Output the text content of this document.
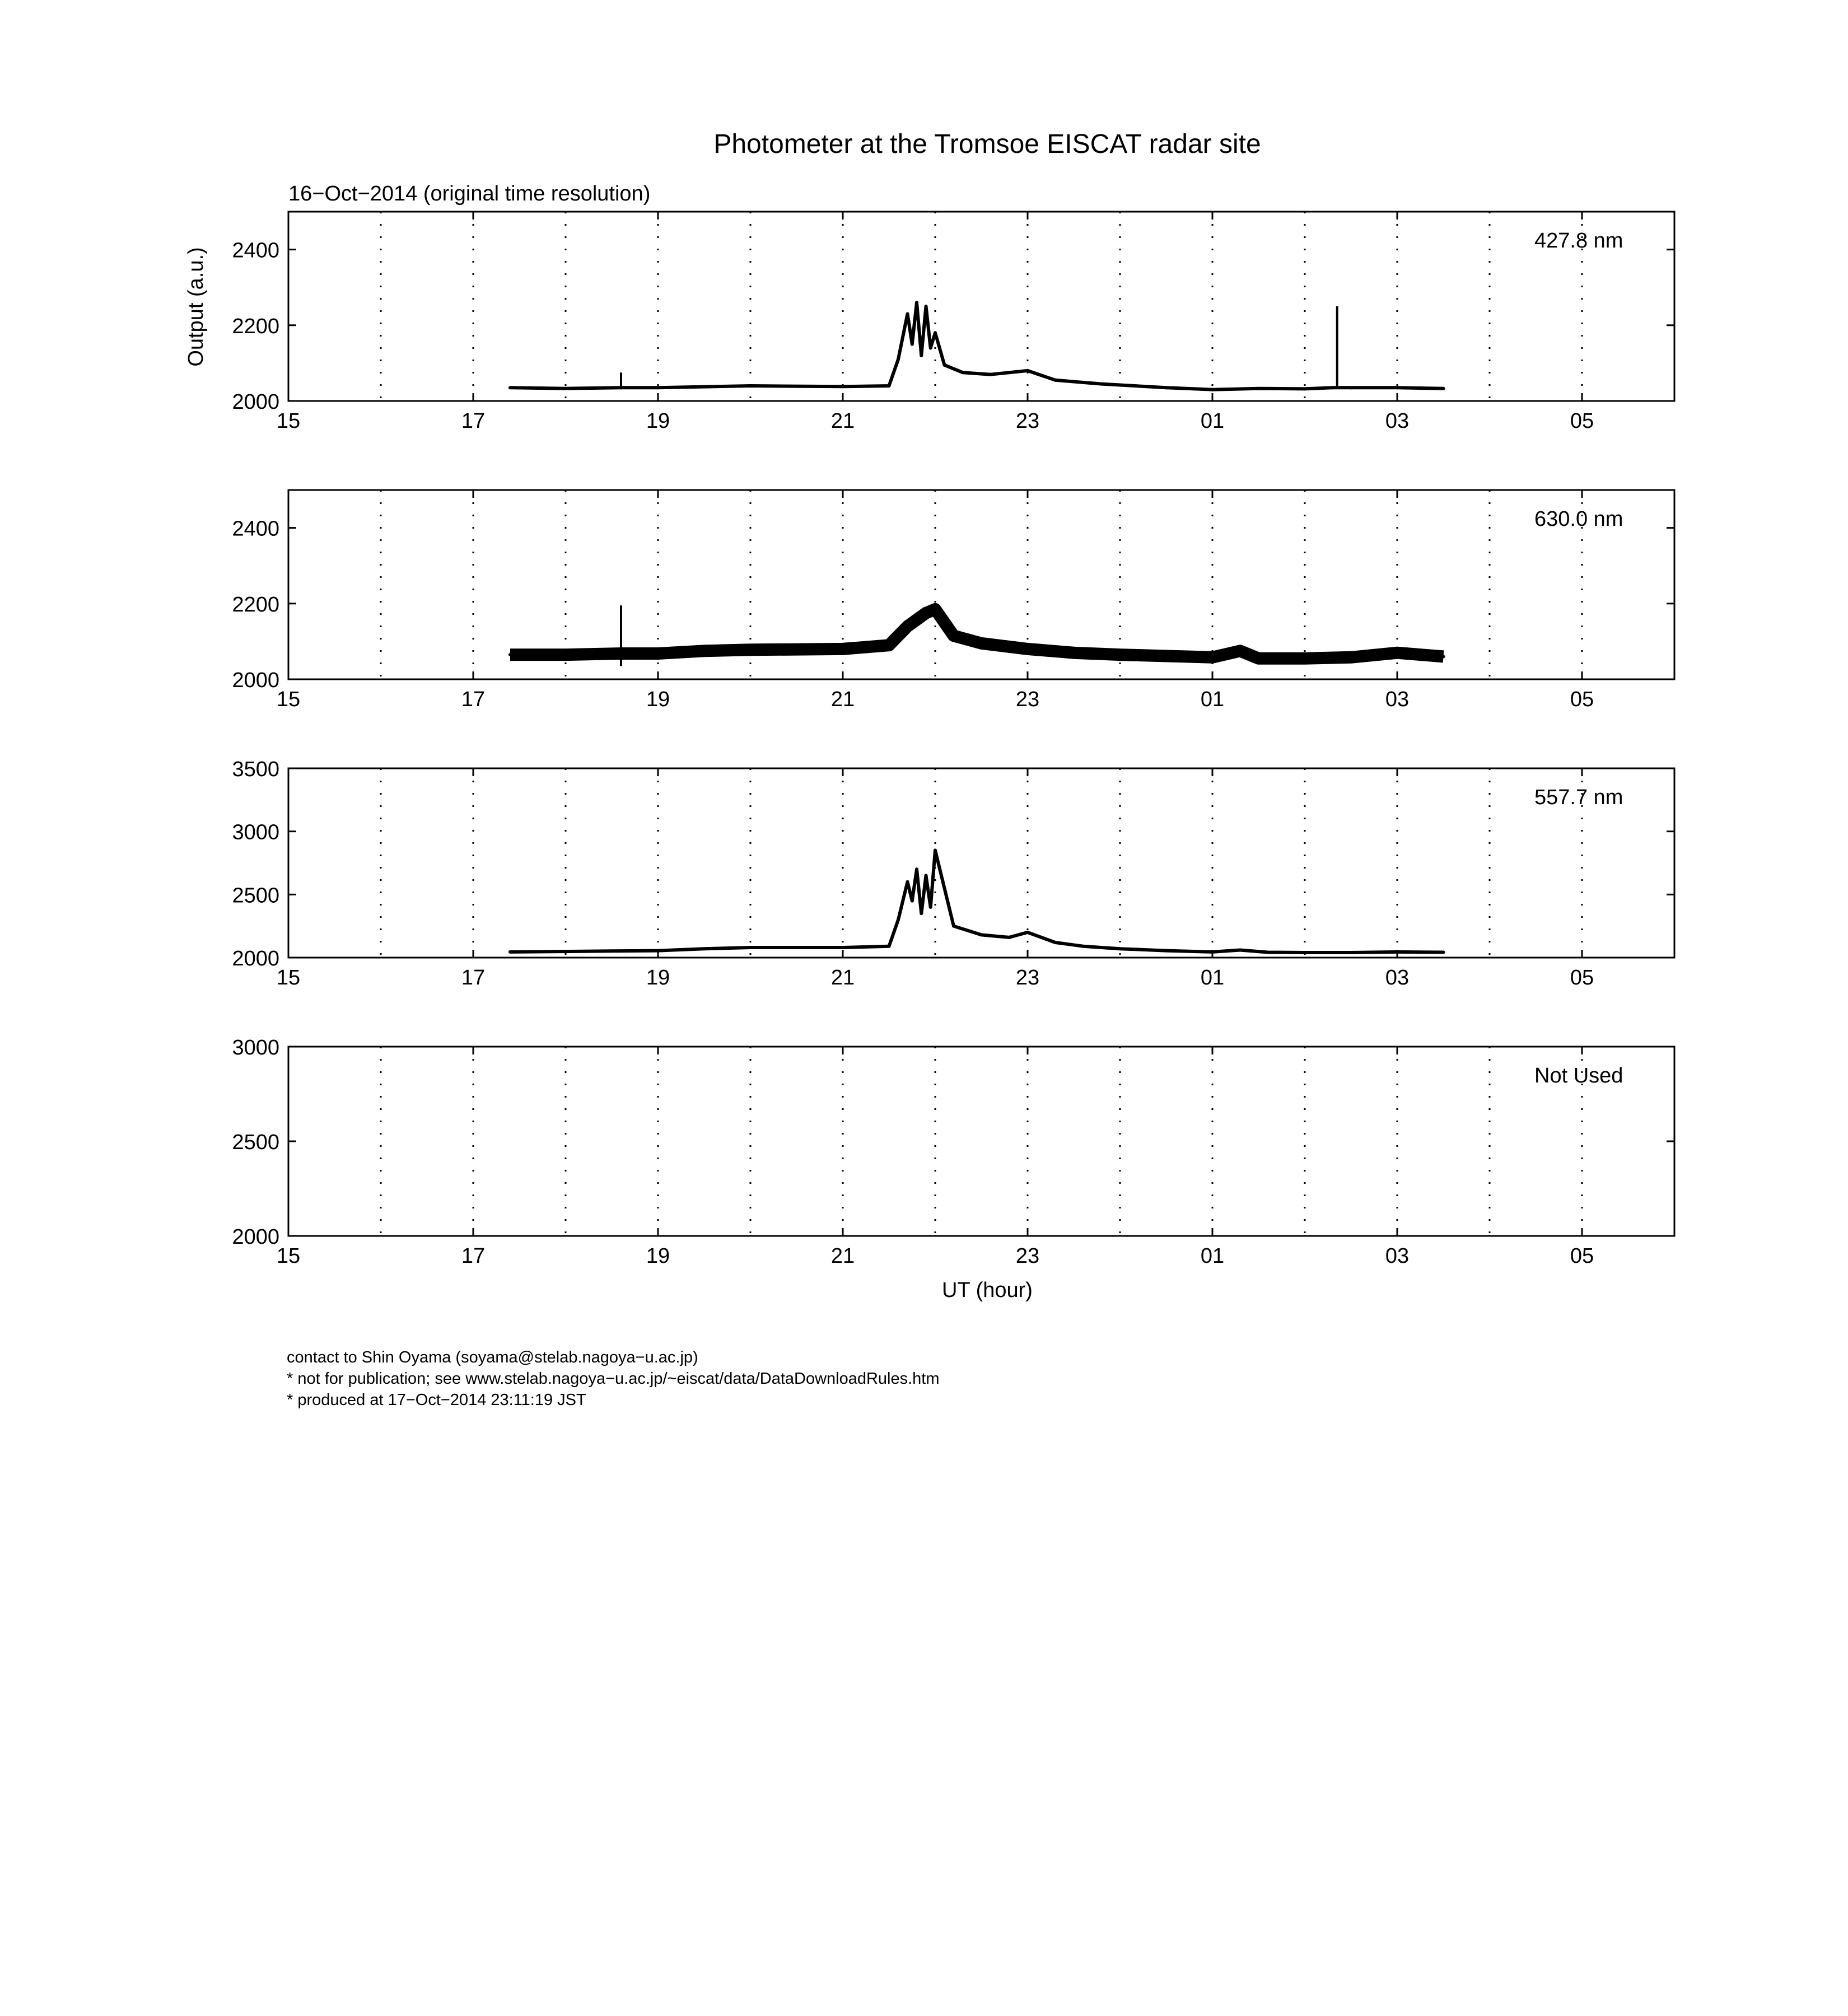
Photometer at the Tromsoe EISCAT radar site
16−Oct−2014 (original time resolution)
Output (a.u.)
UT (hour)
15	17	19	21	23	01	03	05
2000
2200
2400	427.8 nm
15	17	19	21	23	01	03	05
2000
2200
2400	630.0 nm
15	17	19	21	23	01	03	05
2000
2500
3000
3500
557.7 nm
15	17	19	21	23	01	03	05
2000
2500
3000
Not Used
contact to Shin Oyama (soyama@stelab.nagoya−u.ac.jp)
* not for publication; see www.stelab.nagoya−u.ac.jp/~eiscat/data/DataDownloadRules.htm
* produced at 17−Oct−2014 23:11:19 JST
